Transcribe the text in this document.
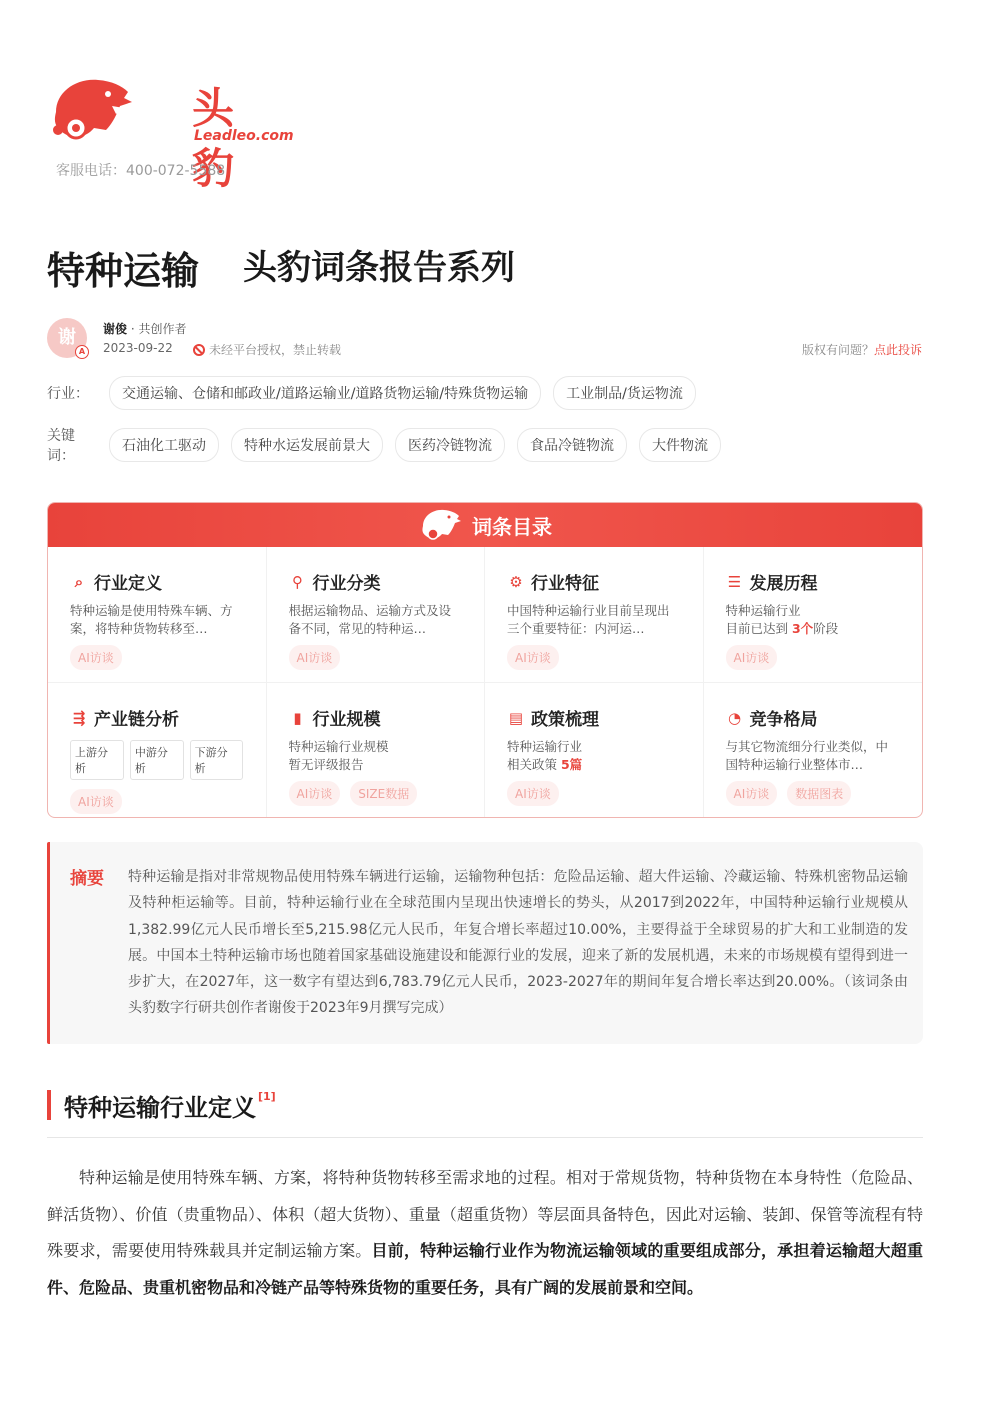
头豹
Leadleo.com
客服电话：400-072-5588
特种运输 头豹词条报告系列
谢
A
谢俊 · 共创作者
2023-09-22	未经平台授权，禁止转载	版权有问题？点此投诉
行业：	交通运输、仓储和邮政业/道路运输业/道路货物运输/特殊货物运输	工业制品/货运物流
关键词：
石油化工驱动	特种水运发展前景大	医药冷链物流	食品冷链物流	大件物流
词条目录
⌕ 行业定义
特种运输是使用特殊车辆、方案，将特种货物转移至…
AI访谈
⚲ 行业分类
根据运输物品、运输方式及设备不同，常见的特种运…
AI访谈
⚙ 行业特征
中国特种运输行业目前呈现出三个重要特征：内河运…
AI访谈
☰ 发展历程
特种运输行业
目前已达到 3个阶段
AI访谈
⇶ 产业链分析
上游分析
中游分析
下游分析
AI访谈
▮ 行业规模
特种运输行业规模
暂无评级报告
AI访谈	SIZE数据
▤ 政策梳理
特种运输行业
相关政策 5篇
AI访谈
◔ 竞争格局
与其它物流细分行业类似，中国特种运输行业整体市…
AI访谈	数据图表
摘要 特种运输是指对非常规物品使用特殊车辆进行运输，运输物种包括：危险品运输、超大件运输、冷藏运输、特殊机密物品运输及特种柜运输等。目前，特种运输行业在全球范围内呈现出快速增长的势头，从2017到2022年，中国特种运输行业规模从1,382.99亿元人民币增长至5,215.98亿元人民币，年复合增长率超过10.00%，主要得益于全球贸易的扩大和工业制造的发展。中国本土特种运输市场也随着国家基础设施建设和能源行业的发展，迎来了新的发展机遇，未来的市场规模有望得到进一步扩大，在2027年，这一数字有望达到6,783.79亿元人民币，2023-2027年的期间年复合增长率达到20.00%。（该词条由头豹数字行研共创作者谢俊于2023年9月撰写完成）
特种运输行业定义 [1]

特种运输是使用特殊车辆、方案，将特种货物转移至需求地的过程。相对于常规货物，特种货物在本身特性（危险品、鲜活货物）、价值（贵重物品）、体积（超大货物）、重量（超重货物）等层面具备特色，因此对运输、装卸、保管等流程有特殊要求，需要使用特殊载具并定制运输方案。目前，特种运输行业作为物流运输领域的重要组成部分，承担着运输超大超重件、危险品、贵重机密物品和冷链产品等特殊货物的重要任务，具有广阔的发展前景和空间。
